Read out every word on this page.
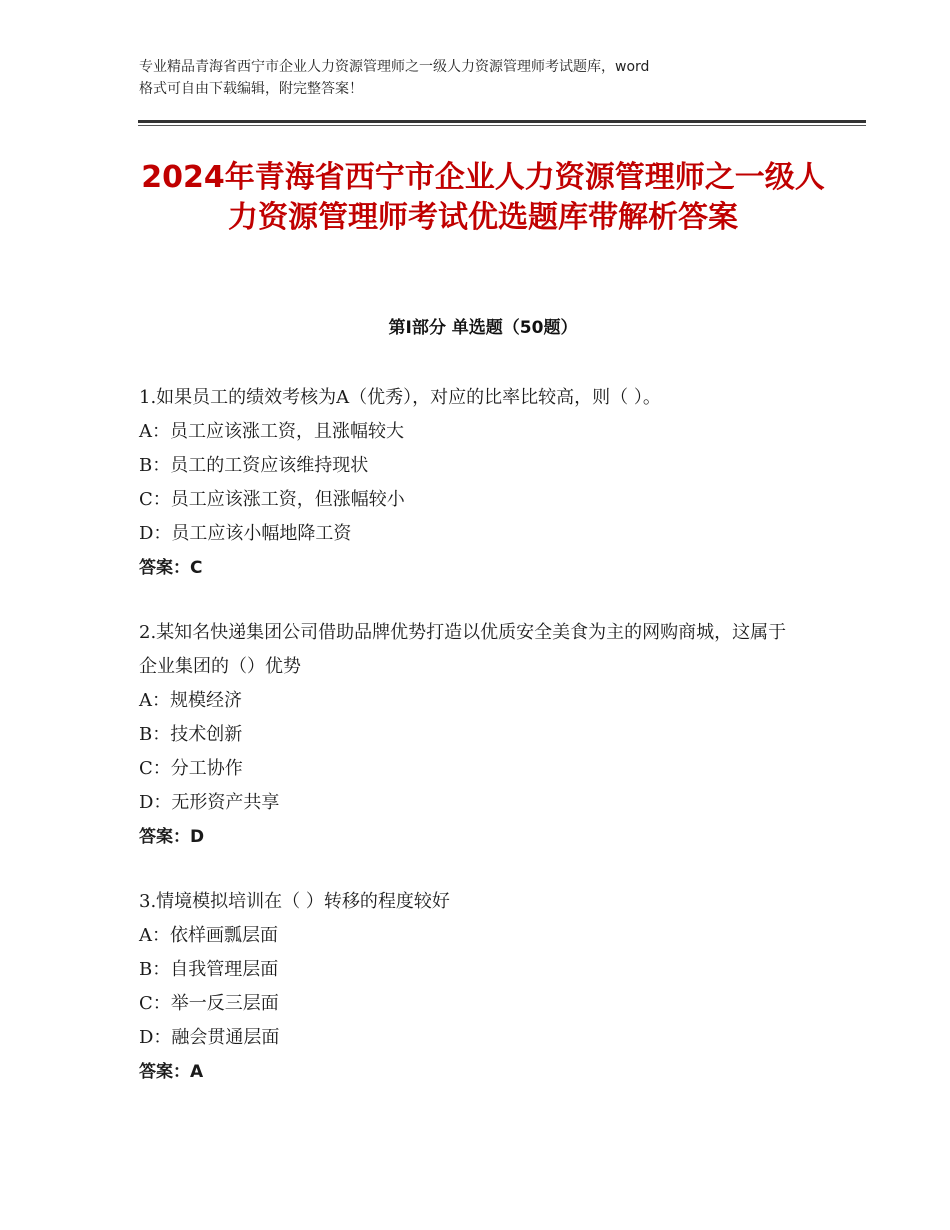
专业精品青海省西宁市企业人力资源管理师之一级人力资源管理师考试题库，word
格式可自由下载编辑，附完整答案！
2024年青海省西宁市企业人力资源管理师之一级人力资源管理师考试优选题库带解析答案
第Ⅰ部分 单选题（50题）
1.如果员工的绩效考核为A（优秀），对应的比率比较高，则（ ）。
A：员工应该涨工资，且涨幅较大
B：员工的工资应该维持现状
C：员工应该涨工资，但涨幅较小
D：员工应该小幅地降工资
答案：C
2.某知名快递集团公司借助品牌优势打造以优质安全美食为主的网购商城，这属于企业集团的（）优势
A：规模经济
B：技术创新
C：分工协作
D：无形资产共享
答案：D
3.情境模拟培训在（ ）转移的程度较好
A：依样画瓢层面
B：自我管理层面
C：举一反三层面
D：融会贯通层面
答案：A
